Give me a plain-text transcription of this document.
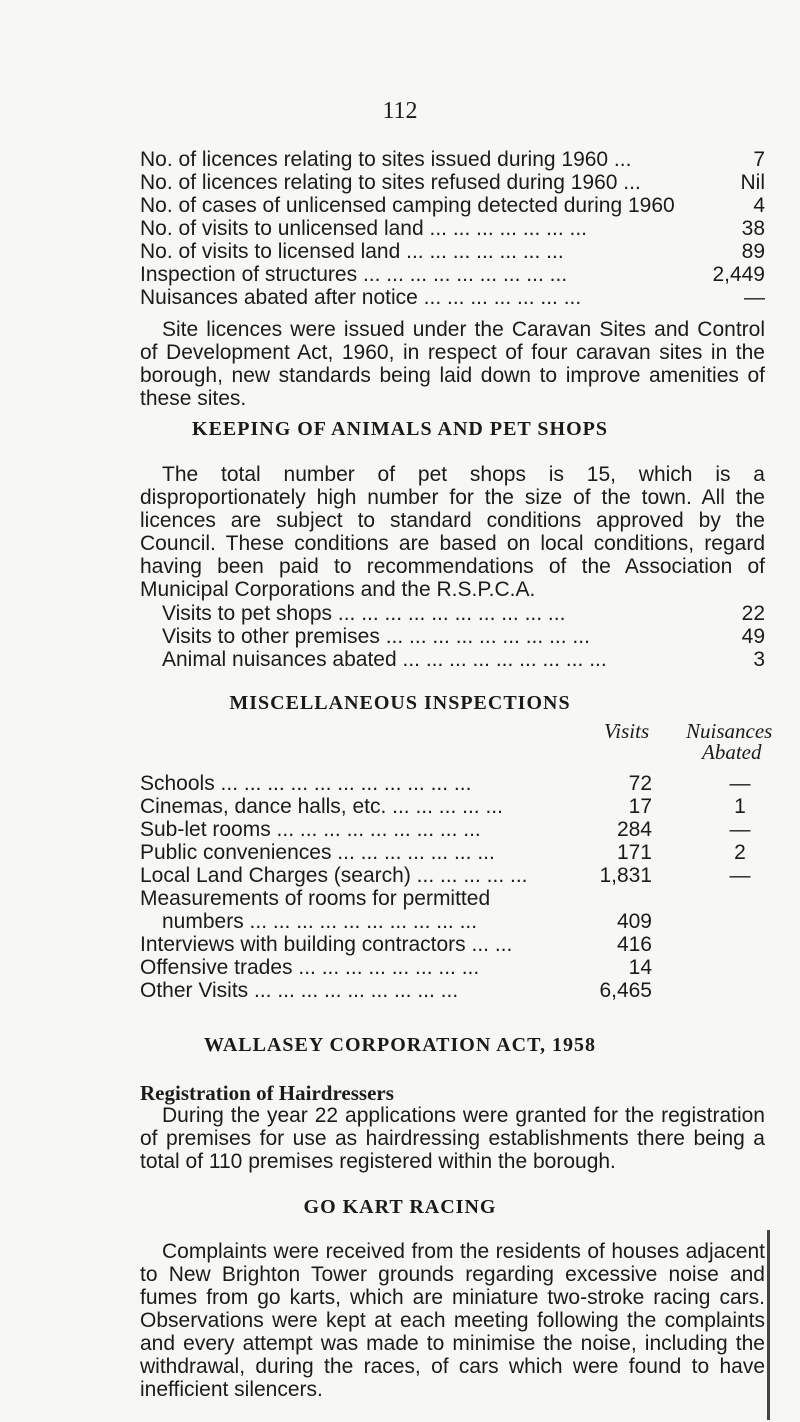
112
No. of licences relating to sites issued during 1960 ...	7
No. of licences relating to sites refused during 1960 ...	Nil
No. of cases of unlicensed camping detected during 1960	4
No. of visits to unlicensed land ... ... ... ... ... ... ...	38
No. of visits to licensed land ... ... ... ... ... ... ...	89
Inspection of structures ... ... ... ... ... ... ... ... ...	2,449
Nuisances abated after notice ... ... ... ... ... ... ...	—
Site licences were issued under the Caravan Sites and Control of Development Act, 1960, in respect of four caravan sites in the borough, new standards being laid down to improve amenities of these sites.
KEEPING OF ANIMALS AND PET SHOPS
The total number of pet shops is 15, which is a disproportionately high number for the size of the town. All the licences are subject to standard conditions approved by the Council. These conditions are based on local conditions, regard having been paid to recommendations of the Association of Municipal Corporations and the R.S.P.C.A.
Visits to pet shops ... ... ... ... ... ... ... ... ... ...	22
Visits to other premises ... ... ... ... ... ... ... ... ...	49
Animal nuisances abated ... ... ... ... ... ... ... ... ...	3
MISCELLANEOUS INSPECTIONS
Visits Nuisances
Abated
Schools ... ... ... ... ... ... ... ... ... ... ...	72	—
Cinemas, dance halls, etc. ... ... ... ... ...	17	1
Sub-let rooms ... ... ... ... ... ... ... ... ...	284	—
Public conveniences ... ... ... ... ... ... ...	171	2
Local Land Charges (search) ... ... ... ... ...	1,831	—
Measurements of rooms for permitted
numbers ... ... ... ... ... ... ... ... ... ...	409
Interviews with building contractors ... ...	416
Offensive trades ... ... ... ... ... ... ... ...	14
Other Visits ... ... ... ... ... ... ... ... ...	6,465
WALLASEY CORPORATION ACT, 1958
Registration of Hairdressers
During the year 22 applications were granted for the registration of premises for use as hairdressing establishments there being a total of 110 premises registered within the borough.
GO KART RACING
Complaints were received from the residents of houses adjacent to New Brighton Tower grounds regarding excessive noise and fumes from go karts, which are miniature two-stroke racing cars. Observations were kept at each meeting following the complaints and every attempt was made to minimise the noise, including the withdrawal, during the races, of cars which were found to have inefficient silencers.
